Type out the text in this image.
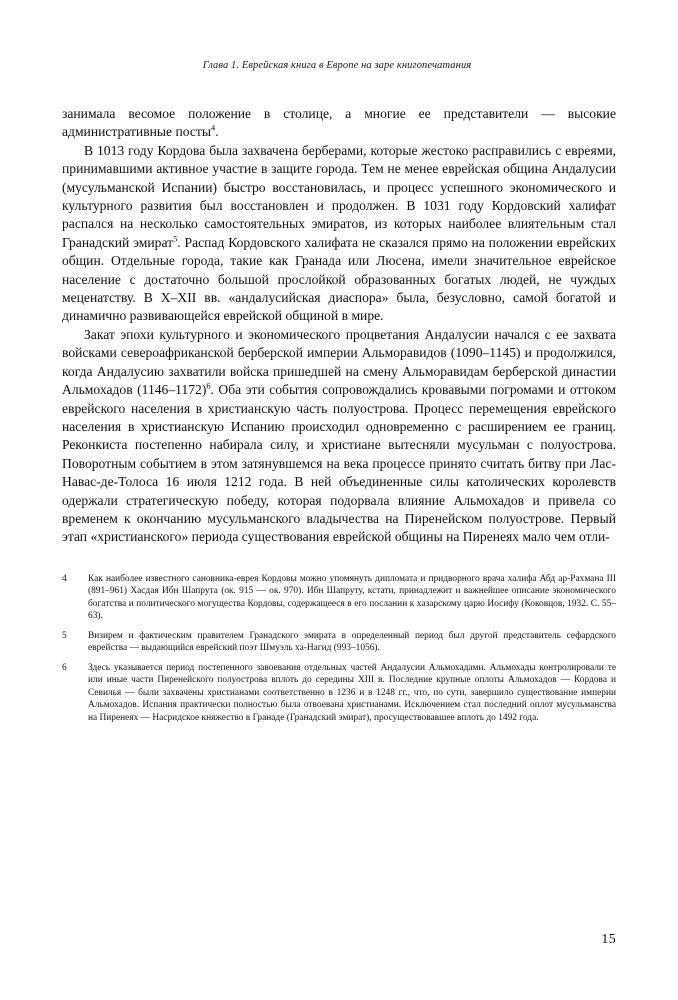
Глава 1. Еврейская книга в Европе на заре книгопечатания

занимала весомое положение в столице, а многие ее представители — высокие административные посты$^4$.

В 1013 году Кордова была захвачена берберами, которые жестоко расправились с евреями, принимавшими активное участие в защите города. Тем не менее еврейская община Андалусии (мусульманской Испании) быстро восстановилась, и процесс успешного экономического и культурного развития был восстановлен и продолжен. В 1031 году Кордовский халифат распался на несколько самостоятельных эмиратов, из которых наиболее влиятельным стал Гранадский эмират$^5$. Распад Кордовского халифата не сказался прямо на положении еврейских общин. Отдельные города, такие как Гранада или Люсена, имели значительное еврейское население с достаточно большой прослойкой образованных богатых людей, не чуждых меценатству. В X–XII вв. «андалусийская диаспора» была, безусловно, самой богатой и динамично развивающейся еврейской общиной в мире.

Закат эпохи культурного и экономического процветания Андалусии начался с ее захвата войсками североафриканской берберской империи Альморавидов (1090–1145) и продолжился, когда Андалусию захватили войска пришедшей на смену Альморавидам берберской династии Альмохадов (1146–1172)$^6$. Оба эти события сопровождались кровавыми погромами и оттоком еврейского населения в христианскую часть полуострова. Процесс перемещения еврейского населения в христианскую Испанию происходил одновременно с расширением ее границ. Реконкиста постепенно набирала силу, и христиане вытесняли мусульман с полуострова. Поворотным событием в этом затянувшемся на века процессе принято считать битву при Лас-Навас-де-Толоса 16 июля 1212 года. В ней объединенные силы католических королевств одержали стратегическую победу, которая подорвала влияние Альмохадов и привела со временем к окончанию мусульманского владычества на Пиренейском полуострове. Первый этап «христианского» периода существования еврейской общины на Пиренеях мало чем отли-

4	Как наиболее известного сановника-еврея Кордовы можно упомянуть дипломата и придворного врача халифа Абд ар-Рахмана III (891–961) Хасдая Ибн Шапрута (ок. 915 — ок. 970). Ибн Шапруту, кстати, принадлежит и важнейшее описание экономического богатства и политического могущества Кордовы, содержащееся в его послании к хазарскому царю Иосифу (Коковцов, 1932. С. 55–63).
5	Визирем и фактическим правителем Гранадского эмирата в определенный период был другой представитель сефардского еврейства — выдающийся еврейский поэт Шмуэль ха-Нагид (993–1056).
6	Здесь указывается период постепенного завоевания отдельных частей Андалусии Альмохадами. Альмохады контролировали те или иные части Пиренейского полуострова вплоть до середины XIII в. Последние крупные оплоты Альмохадов — Кордова и Севилья — были захвачены христианами соответственно в 1236 и в 1248 гг., что, по сути, завершило существование империи Альмохадов. Испания практически полностью была отвоевана христианами. Исключением стал последний оплот мусульманства на Пиренеях — Насридское княжество в Гранаде (Гранадский эмират), просуществовавшее вплоть до 1492 года.
15
